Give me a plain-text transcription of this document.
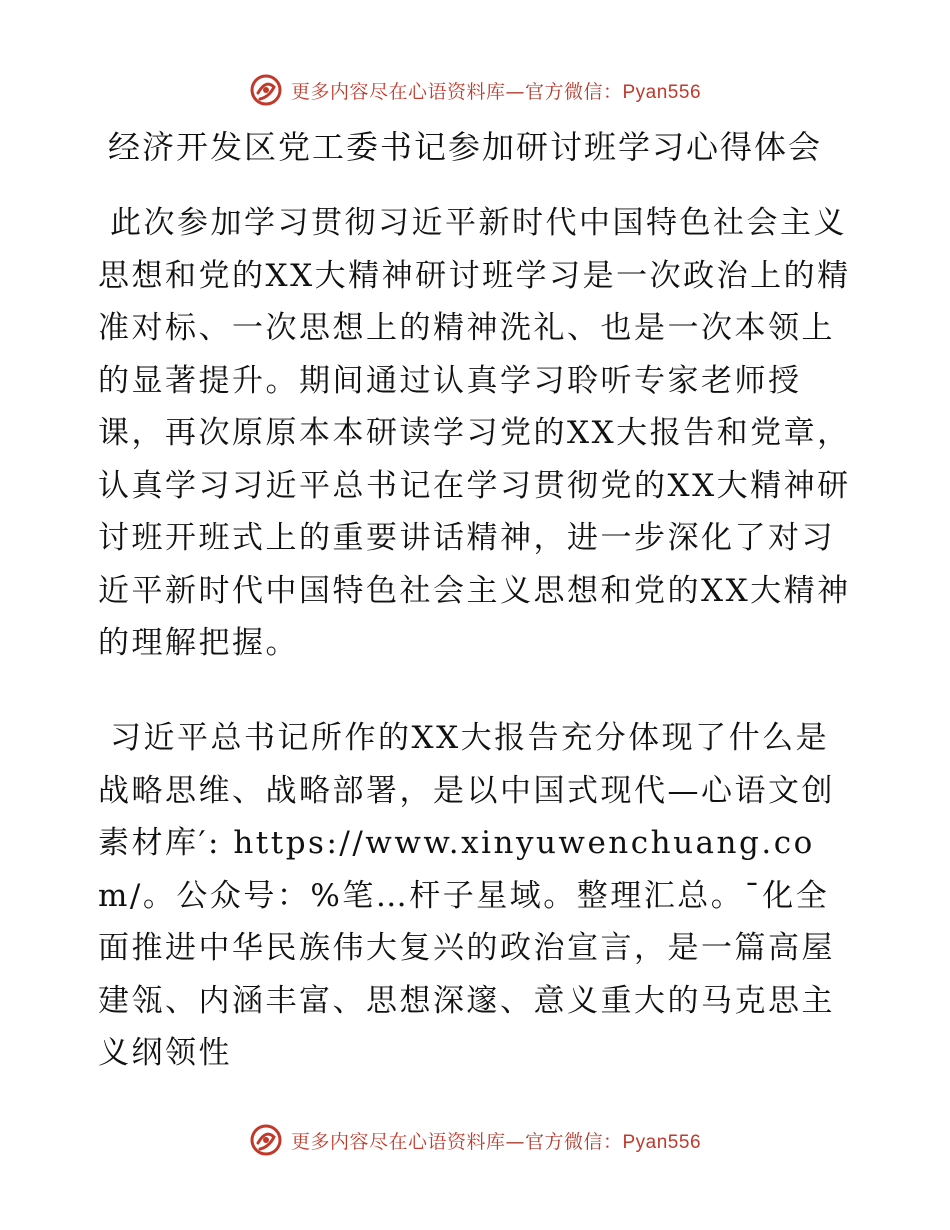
更多内容尽在心语资料库—官方微信：Pyan556
经济开发区党工委书记参加研讨班学习心得体会

此次参加学习贯彻习近平新时代中国特色社会主义思想和党的XX大精神研讨班学习是一次政治上的精准对标、一次思想上的精神洗礼、也是一次本领上的显著提升。期间通过认真学习聆听专家老师授课，再次原原本本研读学习党的XX大报告和党章，认真学习习近平总书记在学习贯彻党的XX大精神研讨班开班式上的重要讲话精神，进一步深化了对习近平新时代中国特色社会主义思想和党的XX大精神的理解把握。

习近平总书记所作的XX大报告充分体现了什么是战略思维、战略部署，是以中国式现代—心语文创素材库′: https://www.xinyuwenchuang.com/。公众号：%笔…杆子星域。整理汇总。¯化全面推进中华民族伟大复兴的政治宣言，是一篇高屋建瓴、内涵丰富、思想深邃、意义重大的马克思主义纲领性

更多内容尽在心语资料库—官方微信：Pyan556
